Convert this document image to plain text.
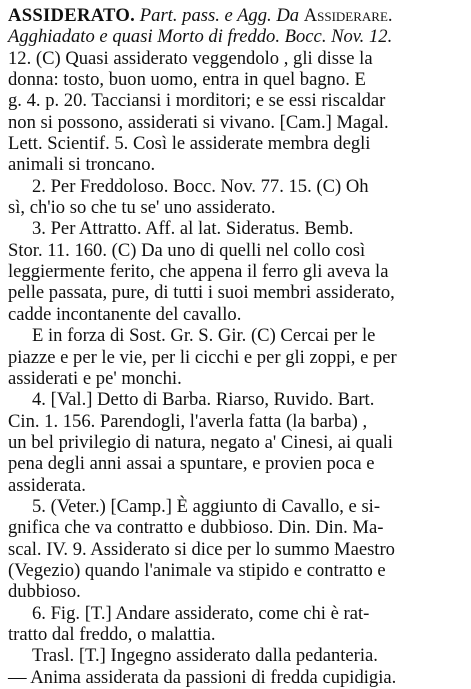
ASSIDERATO. Part. pass. e Agg. Da Assiderare.
Agghiadato e quasi Morto di freddo. Bocc. Nov. 12.
12. (C) Quasi assiderato veggendolo , gli disse la
donna: tosto, buon uomo, entra in quel bagno. E
g. 4. p. 20. Tacciansi i morditori; e se essi riscaldar
non si possono, assiderati si vivano. [Cam.] Magal.
Lett. Scientif. 5. Così le assiderate membra degli
animali si troncano.
2. Per Freddoloso. Bocc. Nov. 77. 15. (C) Oh
sì, ch'io so che tu se' uno assiderato.
3. Per Attratto. Aff. al lat. Sideratus. Bemb.
Stor. 11. 160. (C) Da uno di quelli nel collo così
leggiermente ferito, che appena il ferro gli aveva la
pelle passata, pure, di tutti i suoi membri assiderato,
cadde incontanente del cavallo.
E in forza di Sost. Gr. S. Gir. (C) Cercai per le
piazze e per le vie, per li cicchi e per gli zoppi, e per
assiderati e pe' monchi.
4. [Val.] Detto di Barba. Riarso, Ruvido. Bart.
Cin. 1. 156. Parendogli, l'averla fatta (la barba) ,
un bel privilegio di natura, negato a' Cinesi, ai quali
pena degli anni assai a spuntare, e provien poca e
assiderata.
5. (Veter.) [Camp.] È aggiunto di Cavallo, e si-
gnifica che va contratto e dubbioso. Din. Din. Ma-
scal. IV. 9. Assiderato si dice per lo summo Maestro
(Vegezio) quando l'animale va stipido e contratto e
dubbioso.
6. Fig. [T.] Andare assiderato, come chi è rat-
tratto dal freddo, o malattia.
Trasl. [T.] Ingegno assiderato dalla pedanteria.
— Anima assiderata da passioni di fredda cupidigia.
